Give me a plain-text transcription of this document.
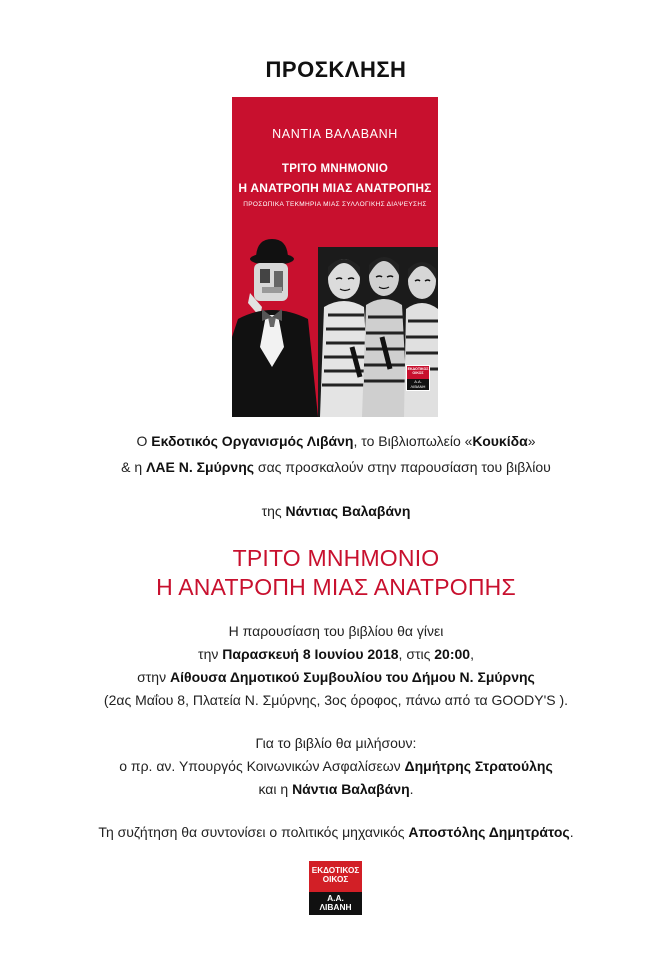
ΠΡΟΣΚΛΗΣΗ
ΝΑΝΤΙΑ ΒΑΛΑΒΑΝΗ
ΤΡΙΤΟ ΜΝΗΜΟΝΙΟ
Η ΑΝΑΤΡΟΠΗ ΜΙΑΣ ΑΝΑΤΡΟΠΗΣ
ΠΡΟΣΩΠΙΚΑ ΤΕΚΜΗΡΙΑ ΜΙΑΣ ΣΥΛΛΟΓΙΚΗΣ ΔΙΑΨΕΥΣΗΣ
ΕΚΔΟΤΙΚΟΣ ΟΙΚΟΣ
Α.Α. ΛΙΒΑΝΗ
Ο Εκδοτικός Οργανισμός Λιβάνη, το Βιβλιοπωλείο «Κουκίδα»
& η ΛΑΕ Ν. Σμύρνης σας προσκαλούν στην παρουσίαση του βιβλίου
της Νάντιας Βαλαβάνη
ΤΡΙΤΟ ΜΝΗΜΟΝΙΟ
Η ΑΝΑΤΡΟΠΗ ΜΙΑΣ ΑΝΑΤΡΟΠΗΣ
Η παρουσίαση του βιβλίου θα γίνει
την Παρασκευή 8 Ιουνίου 2018, στις 20:00,
στην Αίθουσα Δημοτικού Συμβουλίου του Δήμου Ν. Σμύρνης
(2ας Μαΐου 8, Πλατεία Ν. Σμύρνης, 3ος όροφος, πάνω από τα GOODY'S ).
Για το βιβλίο θα μιλήσουν:
ο πρ. αν. Υπουργός Κοινωνικών Ασφαλίσεων Δημήτρης Στρατούλης
και η Νάντια Βαλαβάνη.
Τη συζήτηση θα συντονίσει ο πολιτικός μηχανικός Αποστόλης Δημητράτος.
ΕΚΔΟΤΙΚΟΣ ΟΙΚΟΣ
Α.Α.
ΛΙΒΑΝΗ
